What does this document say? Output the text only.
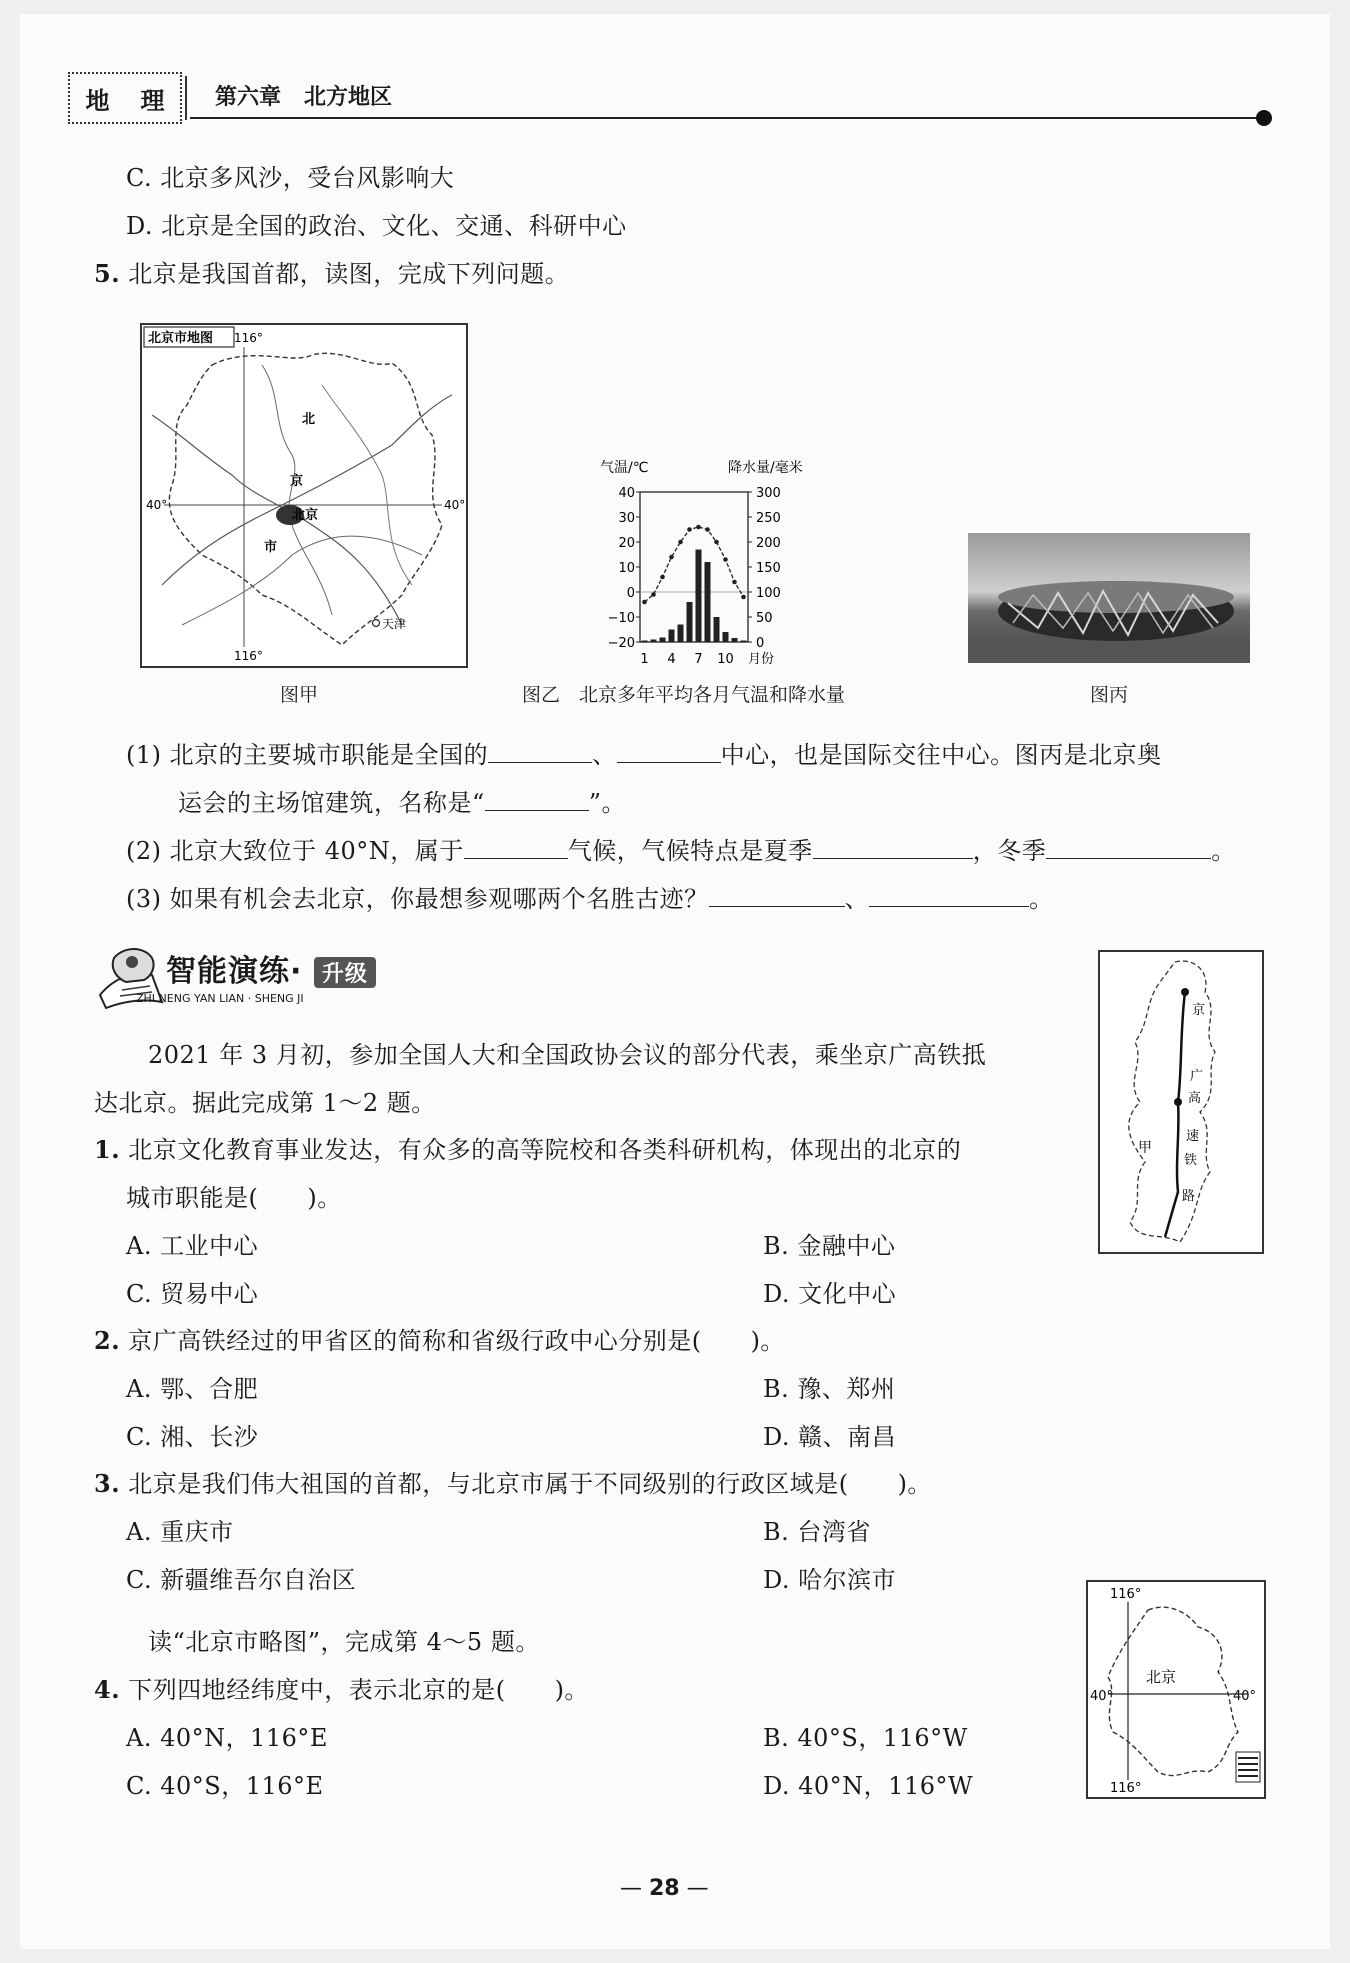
地 理 第六章 北方地区
C. 北京多风沙，受台风影响大
D. 北京是全国的政治、文化、交通、科研中心
5. 北京是我国首都，读图，完成下列问题。
北京市地图 116°
40°	40°
116°
北
京
市
北京
天津
图甲
气温/℃	降水量/毫米
40
30
20
10
0
−10
−20
300
250
200
150
100
50
0
1 4 7 10 月份
图乙　北京多年平均各月气温和降水量	图丙
(1) 北京的主要城市职能是全国的	、	中心，也是国际交往中心。图丙是北京奥
运会的主场馆建筑，名称是“	”。
(2) 北京大致位于 40°N，属于	气候，气候特点是夏季	，冬季	。
(3) 如果有机会去北京，你最想参观哪两个名胜古迹？	、	。
智能演练· 升级
ZHI NENG YAN LIAN · SHENG JI
甲
京
广
高
速
铁
路
2021 年 3 月初，参加全国人大和全国政协会议的部分代表，乘坐京广高铁抵
达北京。据此完成第 1～2 题。
1. 北京文化教育事业发达，有众多的高等院校和各类科研机构，体现出的北京的
城市职能是(　　)。
A. 工业中心	B. 金融中心
C. 贸易中心	D. 文化中心
2. 京广高铁经过的甲省区的简称和省级行政中心分别是(　　)。
A. 鄂、合肥	B. 豫、郑州
C. 湘、长沙	D. 赣、南昌
3. 北京是我们伟大祖国的首都，与北京市属于不同级别的行政区域是(　　)。
A. 重庆市	B. 台湾省
C. 新疆维吾尔自治区	D. 哈尔滨市
116°
116°
40°	40°
北京
读“北京市略图”，完成第 4～5 题。
4. 下列四地经纬度中，表示北京的是(　　)。
A. 40°N，116°E	B. 40°S，116°W
C. 40°S，116°E	D. 40°N，116°W
— 28 —
